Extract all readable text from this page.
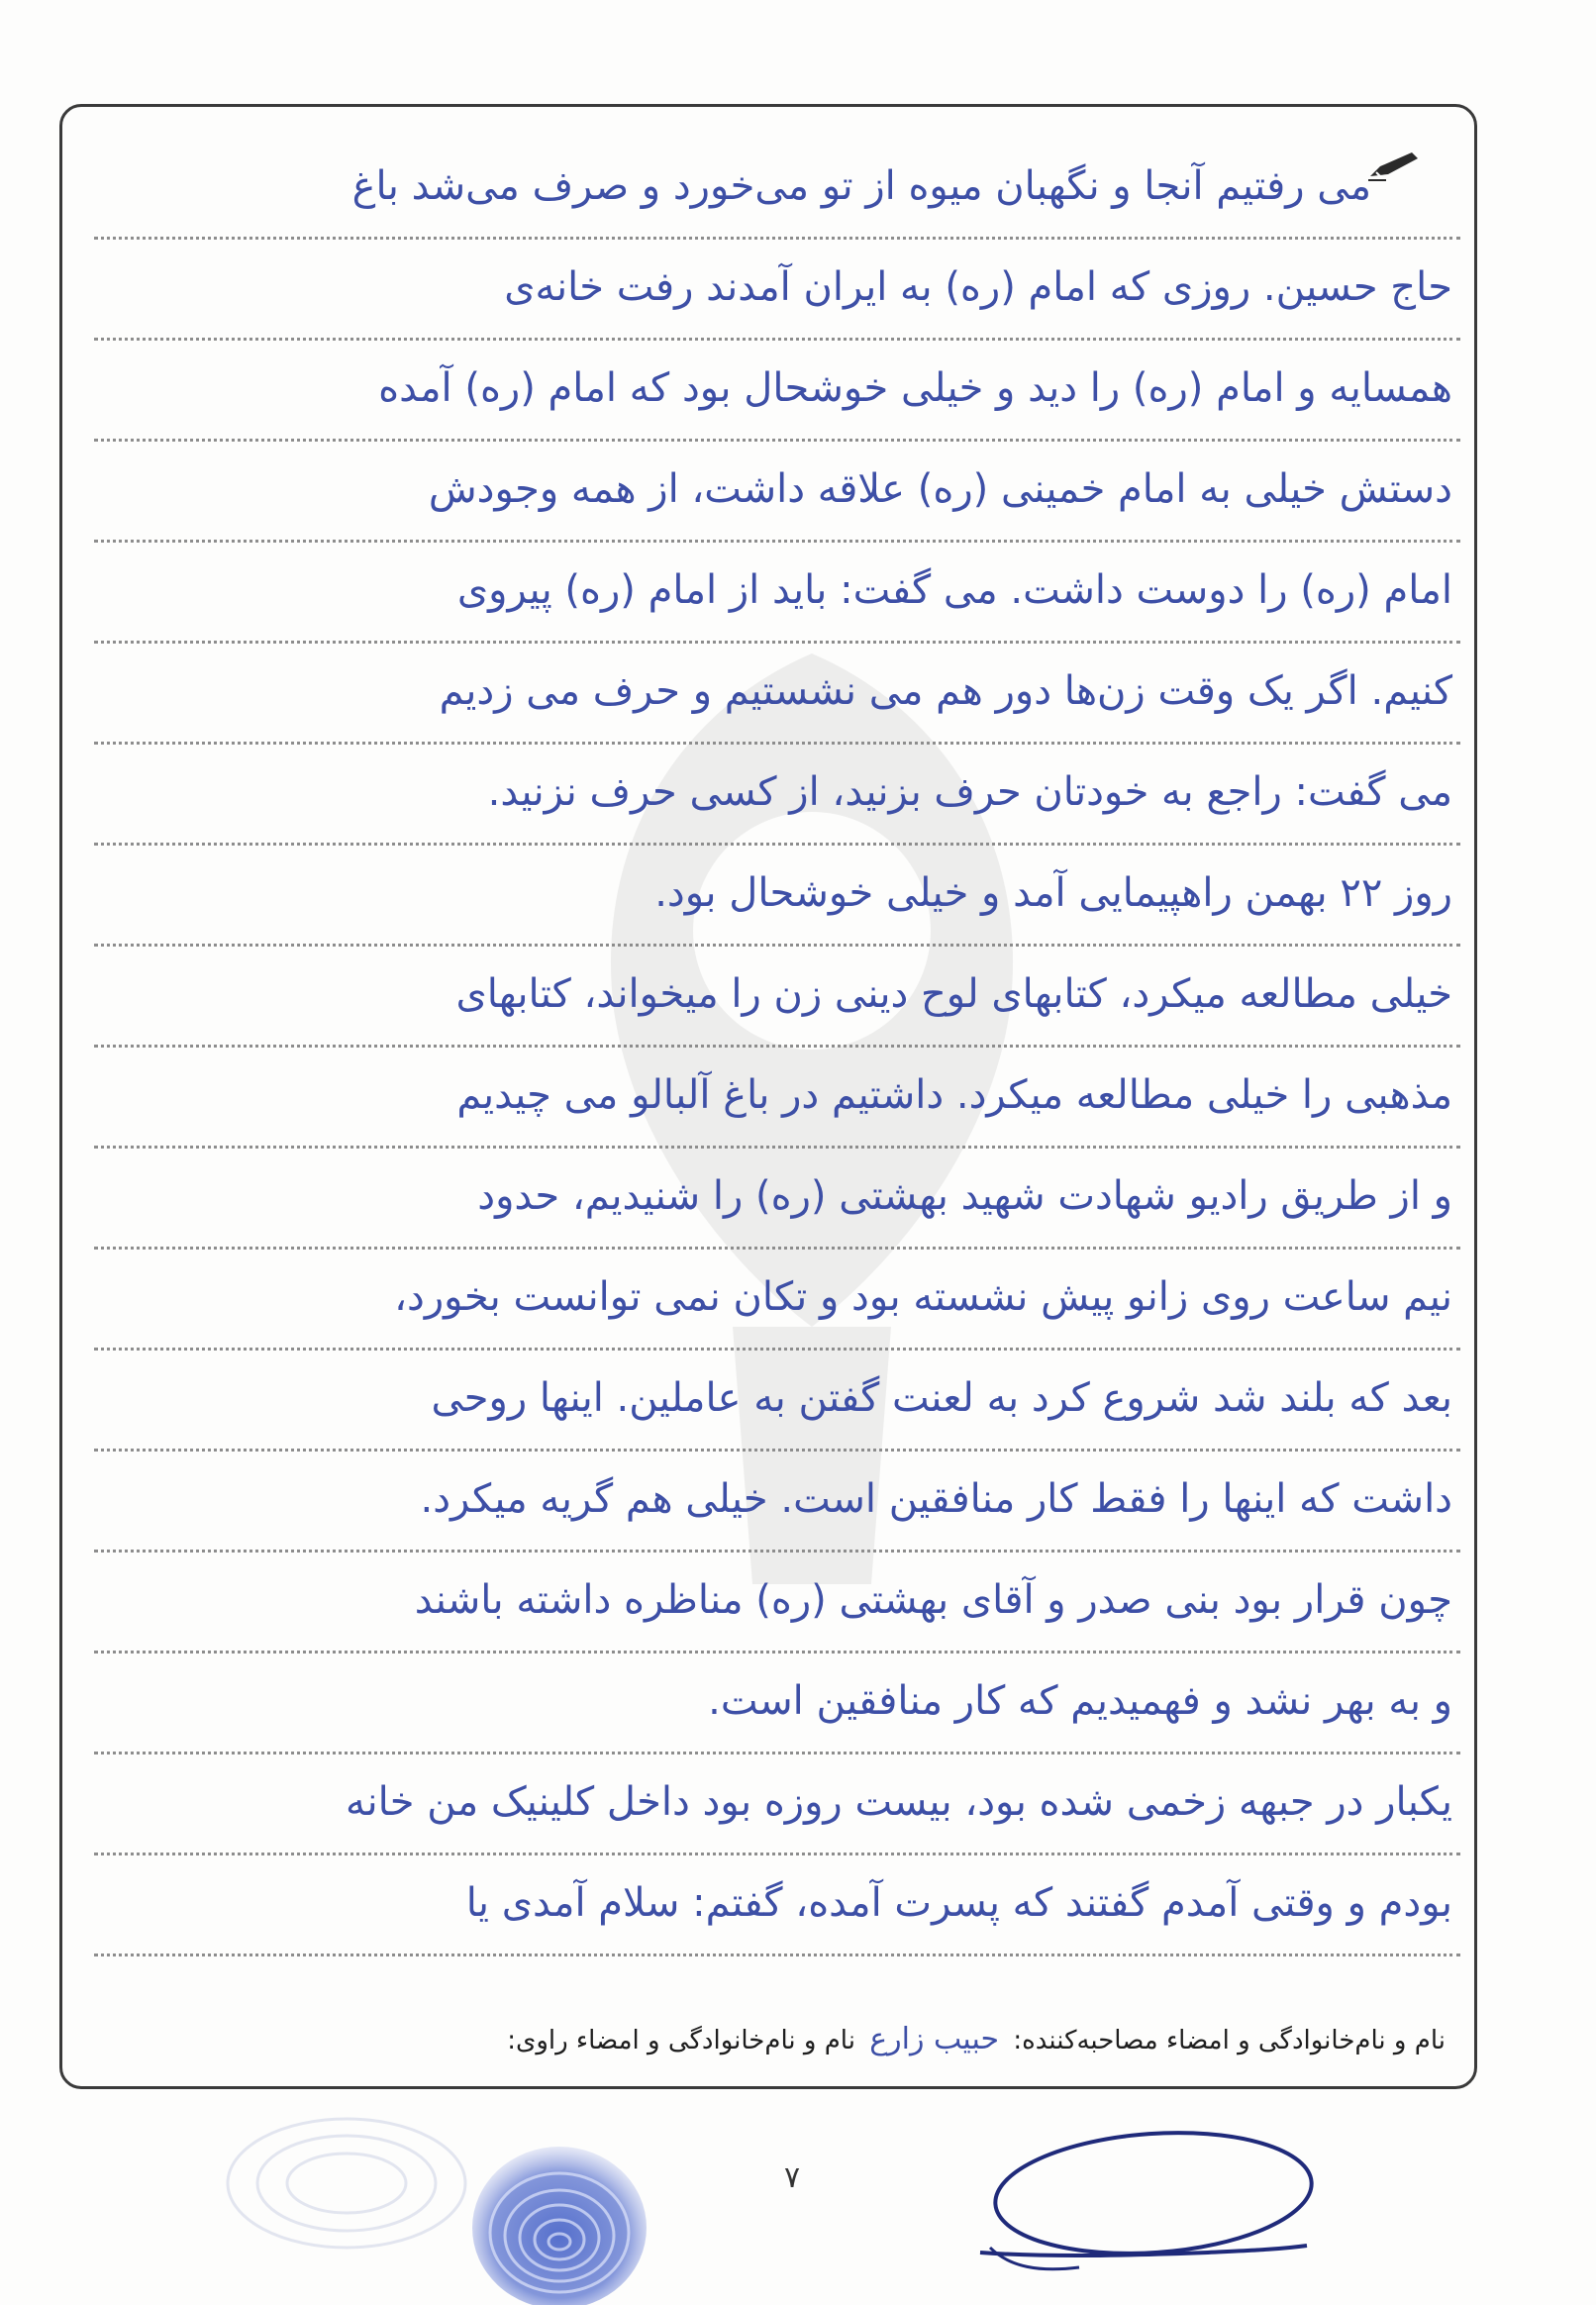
می رفتیم آنجا و نگهبان میوه از تو می‌خورد و صرف می‌شد باغ
حاج حسین. روزی که امام (ره) به ایران آمدند رفت خانه‌ی
همسایه و امام (ره) را دید و خیلی خوشحال بود که امام (ره) آمده
دستش خیلی به امام خمینی (ره) علاقه داشت، از همه وجودش
امام (ره) را دوست داشت. می گفت: باید از امام (ره) پیروی
کنیم. اگر یک وقت زن‌ها دور هم می نشستیم و حرف می زدیم
می گفت: راجع به خودتان حرف بزنید، از کسی حرف نزنید.
روز ۲۲ بهمن راهپیمایی آمد و خیلی خوشحال بود.
خیلی مطالعه میکرد، کتابهای لوح دینی زن را میخواند، کتابهای
مذهبی را خیلی مطالعه میکرد. داشتیم در باغ آلبالو می چیدیم
و از طریق رادیو شهادت شهید بهشتی (ره) را شنیدیم، حدود
نیم ساعت روی زانو پیش نشسته بود و تکان نمی توانست بخورد،
بعد که بلند شد شروع کرد به لعنت گفتن به عاملین. اینها روحی
داشت که اینها را فقط کار منافقین است. خیلی هم گریه میکرد.
چون قرار بود بنی صدر و آقای بهشتی (ره) مناظره داشته باشند
و به بهر نشد و فهمیدیم که کار منافقین است.
یکبار در جبهه زخمی شده بود، بیست روزه بود داخل کلینیک من خانه
بودم و وقتی آمدم گفتند که پسرت آمده، گفتم: سلام آمدی یا
نام و نام‌خانوادگی و امضاء مصاحبه‌کننده: حبیب زارع نام و نام‌خانوادگی و امضاء راوی:
۷
